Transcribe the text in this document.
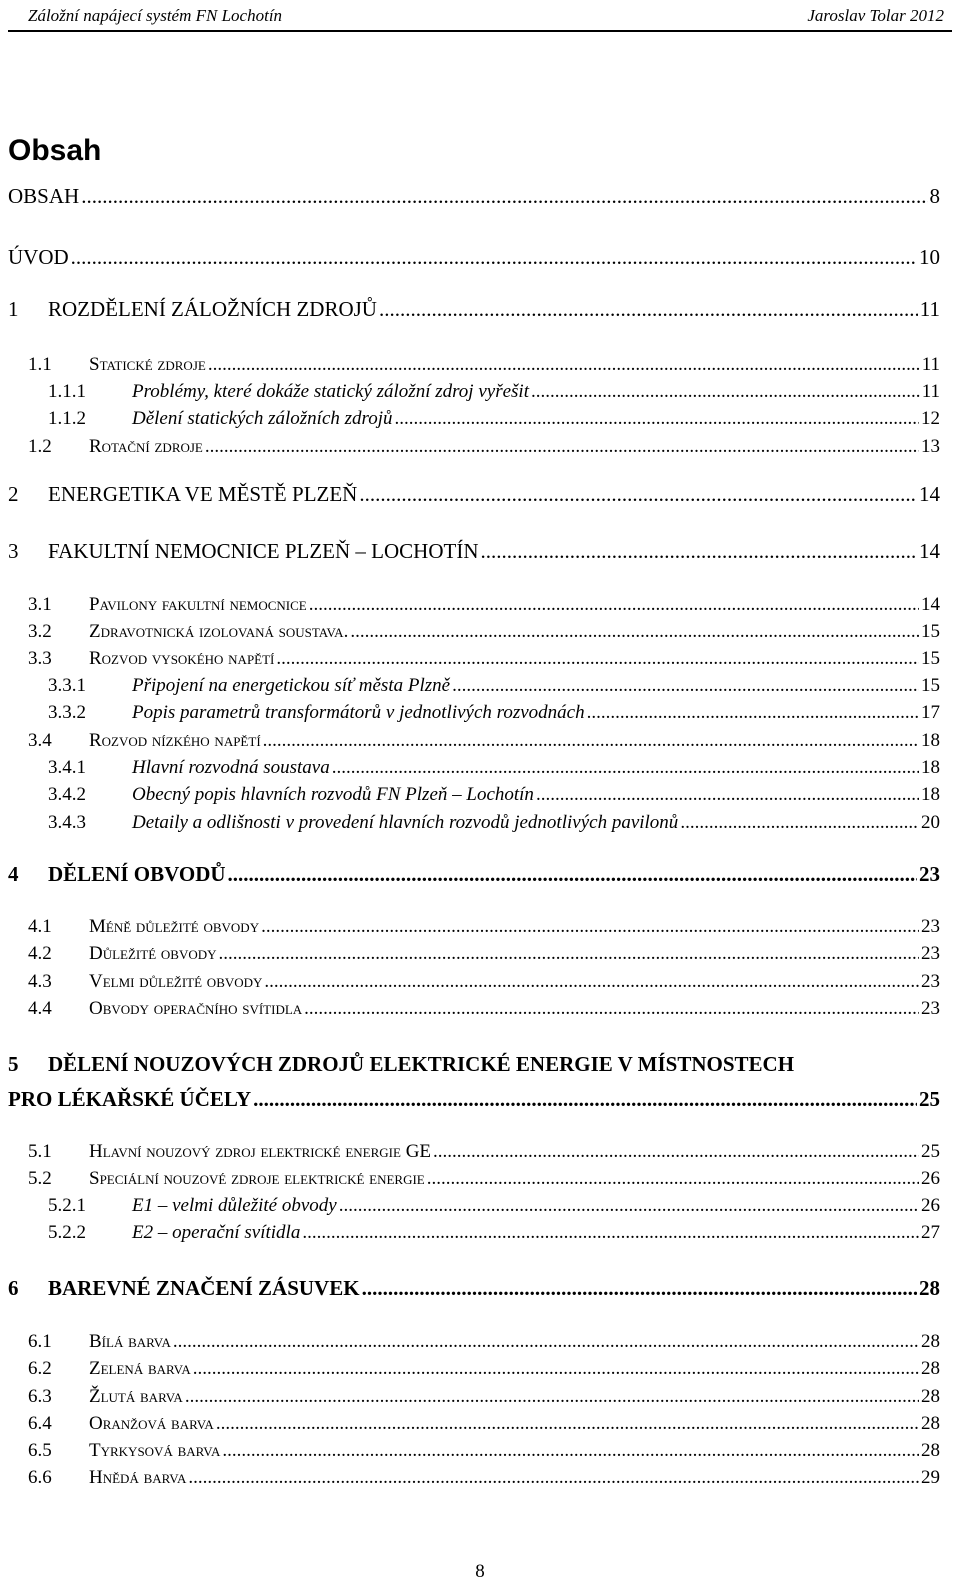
Záložní napájecí systém FN Lochotín	Jaroslav Tolar 2012
Obsah
OBSAH .....	8
ÚVOD .....	10
1	ROZDĚLENÍ ZÁLOŽNÍCH ZDROJŮ .....	11
1.1	Statické zdroje .....	11
1.1.1	Problémy, které dokáže statický záložní zdroj vyřešit .....	11
1.1.2	Dělení statických záložních zdrojů .....	12
1.2	Rotační zdroje .....	13
2	ENERGETIKA VE MĚSTĚ PLZEŇ .....	14
3	FAKULTNÍ NEMOCNICE PLZEŇ – LOCHOTÍN .....	14
3.1	Pavilony fakultní nemocnice .....	14
3.2	Zdravotnická izolovaná soustava. .....	15
3.3	Rozvod vysokého napětí .....	15
3.3.1	Připojení na energetickou síť města Plzně .....	15
3.3.2	Popis parametrů transformátorů v jednotlivých rozvodnách .....	17
3.4	Rozvod nízkého napětí .....	18
3.4.1	Hlavní rozvodná soustava .....	18
3.4.2	Obecný popis hlavních rozvodů FN Plzeň – Lochotín .....	18
3.4.3	Detaily a odlišnosti v provedení hlavních rozvodů jednotlivých pavilonů .....	20
4	DĚLENÍ OBVODŮ .....	23
4.1	Méně důležité obvody .....	23
4.2	Důležité obvody .....	23
4.3	Velmi důležité obvody .....	23
4.4	Obvody operačního svítidla .....	23
5	DĚLENÍ NOUZOVÝCH ZDROJŮ ELEKTRICKÉ ENERGIE V MÍSTNOSTECH
PRO LÉKAŘSKÉ ÚČELY .....	25
5.1	Hlavní nouzový zdroj elektrické energie GE .....	25
5.2	Speciální nouzové zdroje elektrické energie .....	26
5.2.1	E1 – velmi důležité obvody .....	26
5.2.2	E2 – operační svítidla .....	27
6	BAREVNÉ ZNAČENÍ ZÁSUVEK .....	28
6.1	Bílá barva .....	28
6.2	Zelená barva .....	28
6.3	Žlutá barva .....	28
6.4	Oranžová barva .....	28
6.5	Tyrkysová barva .....	28
6.6	Hnědá barva .....	29
8
